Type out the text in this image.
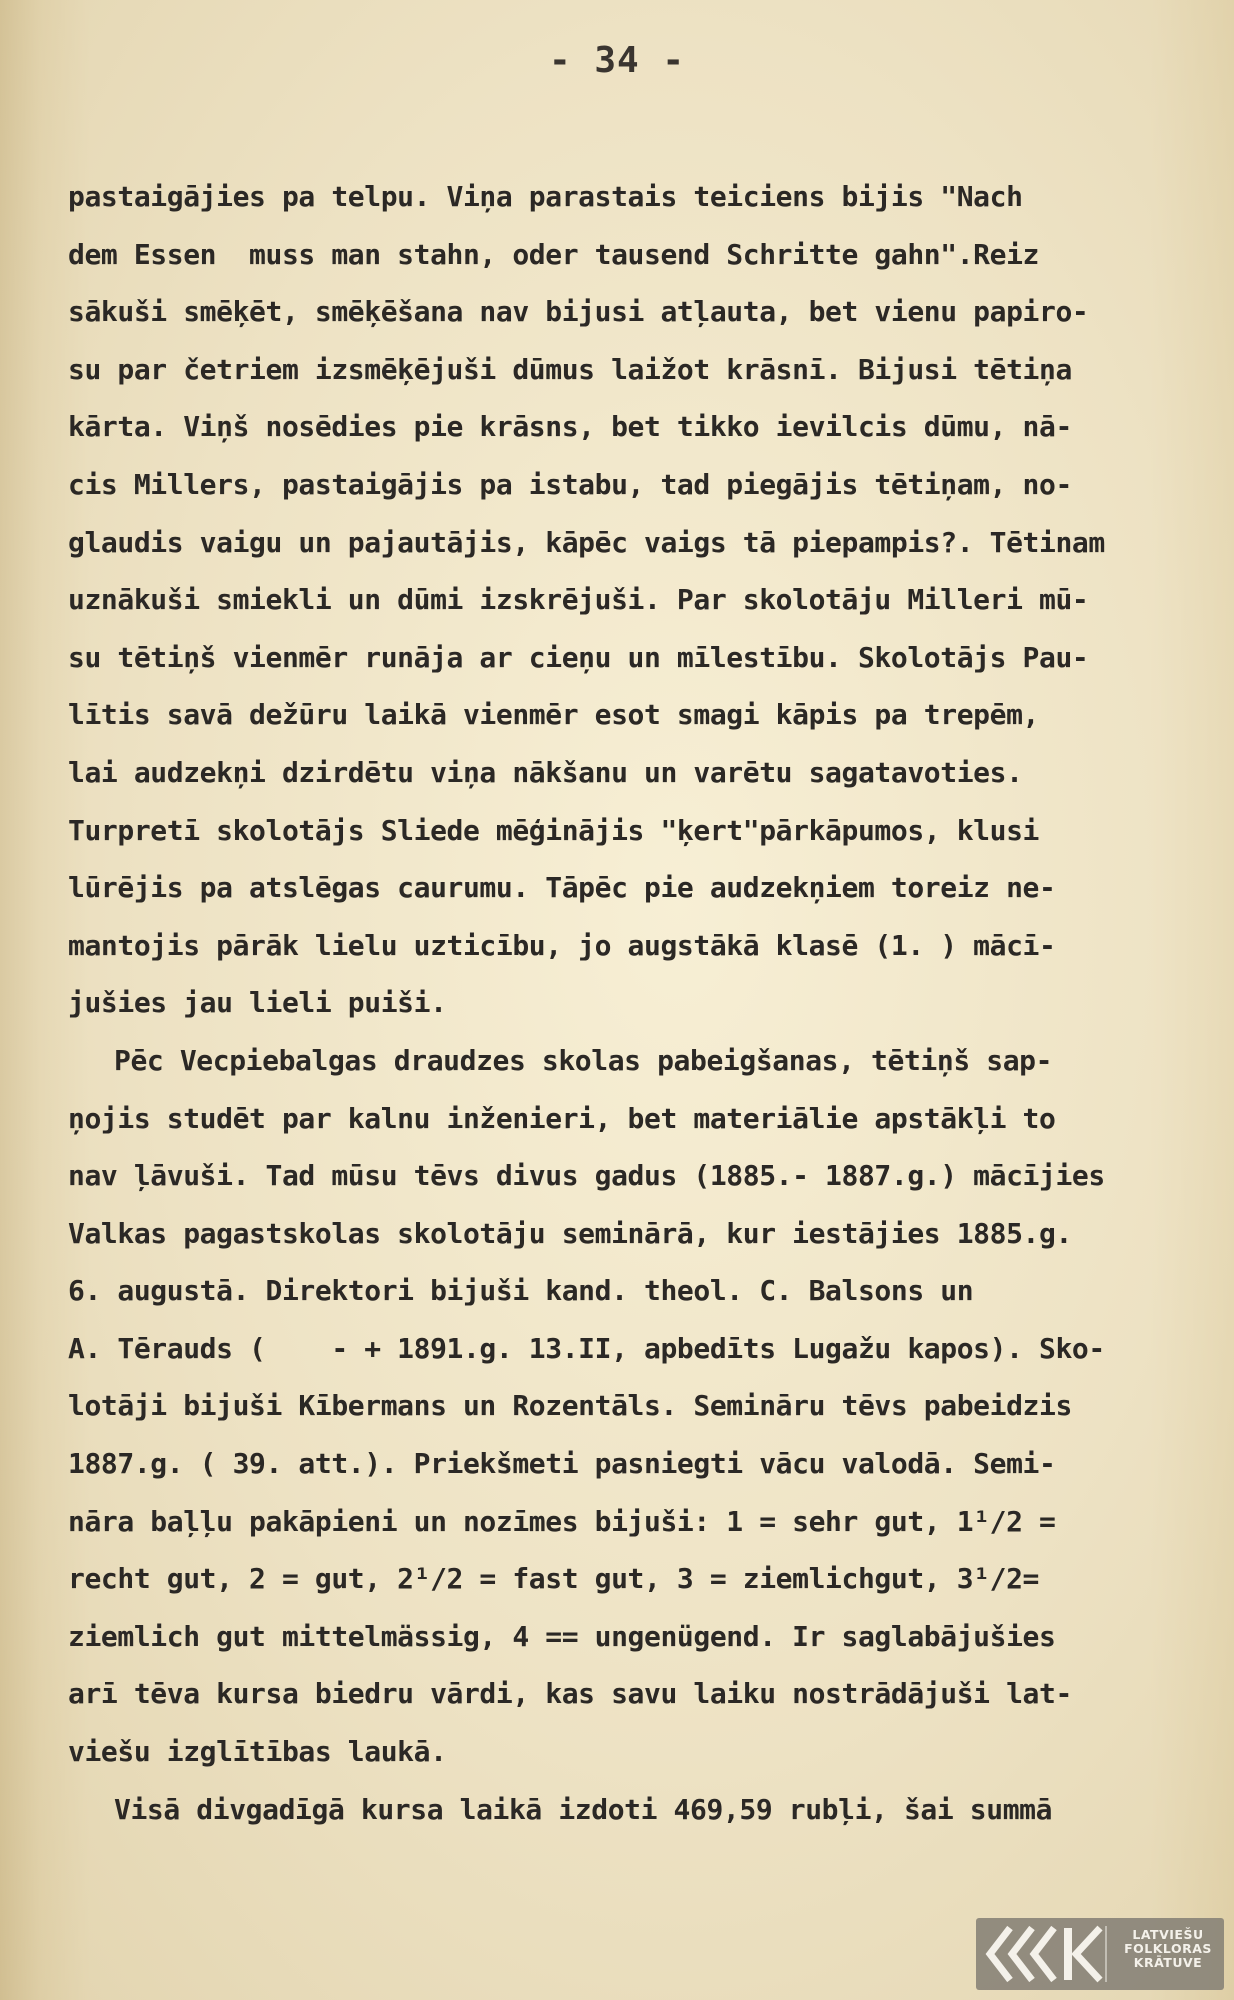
- 34 -
pastaigājies pa telpu. Viņa parastais teiciens bijis "Nach
dem Essen  muss man stahn, oder tausend Schritte gahn".Reiz
sākuši smēķēt, smēķēšana nav bijusi atļauta, bet vienu papiro-
su par četriem izsmēķējuši dūmus laižot krāsnī. Bijusi tētiņa
kārta. Viņš nosēdies pie krāsns, bet tikko ievilcis dūmu, nā-
cis Millers, pastaigājis pa istabu, tad piegājis tētiņam, no-
glaudis vaigu un pajautājis, kāpēc vaigs tā piepampis?. Tētinam
uznākuši smiekli un dūmi izskrējuši. Par skolotāju Milleri mū-
su tētiņš vienmēr runāja ar cieņu un mīlestību. Skolotājs Pau-
lītis savā dežūru laikā vienmēr esot smagi kāpis pa trepēm,
lai audzekņi dzirdētu viņa nākšanu un varētu sagatavoties.
Turpretī skolotājs Sliede mēģinājis "ķert"pārkāpumos, klusi
lūrējis pa atslēgas caurumu. Tāpēc pie audzekņiem toreiz ne-
mantojis pārāk lielu uzticību, jo augstākā klasē (1. ) mācī-
jušies jau lieli puiši.
Pēc Vecpiebalgas draudzes skolas pabeigšanas, tētiņš sap-
ņojis studēt par kalnu inženieri, bet materiālie apstākļi to
nav ļāvuši. Tad mūsu tēvs divus gadus (1885.- 1887.g.) mācījies
Valkas pagastskolas skolotāju seminārā, kur iestājies 1885.g.
6. augustā. Direktori bijuši kand. theol. C. Balsons un
A. Tērauds (    - + 1891.g. 13.II, apbedīts Lugažu kapos). Sko-
lotāji bijuši Kībermans un Rozentāls. Semināru tēvs pabeidzis
1887.g. ( 39. att.). Priekšmeti pasniegti vācu valodā. Semi-
nāra baļļu pakāpieni un nozīmes bijuši: 1 = sehr gut, 1¹/2 =
recht gut, 2 = gut, 2¹/2 = fast gut, 3 = ziemlichgut, 3¹/2=
ziemlich gut mittelmässig, 4 == ungenügend. Ir saglabājušies
arī tēva kursa biedru vārdi, kas savu laiku nostrādājuši lat-
viešu izglītības laukā.
Visā divgadīgā kursa laikā izdoti 469,59 rubļi, šai summā
LATVIEŠU
FOLKLORAS
KRĀTUVE
